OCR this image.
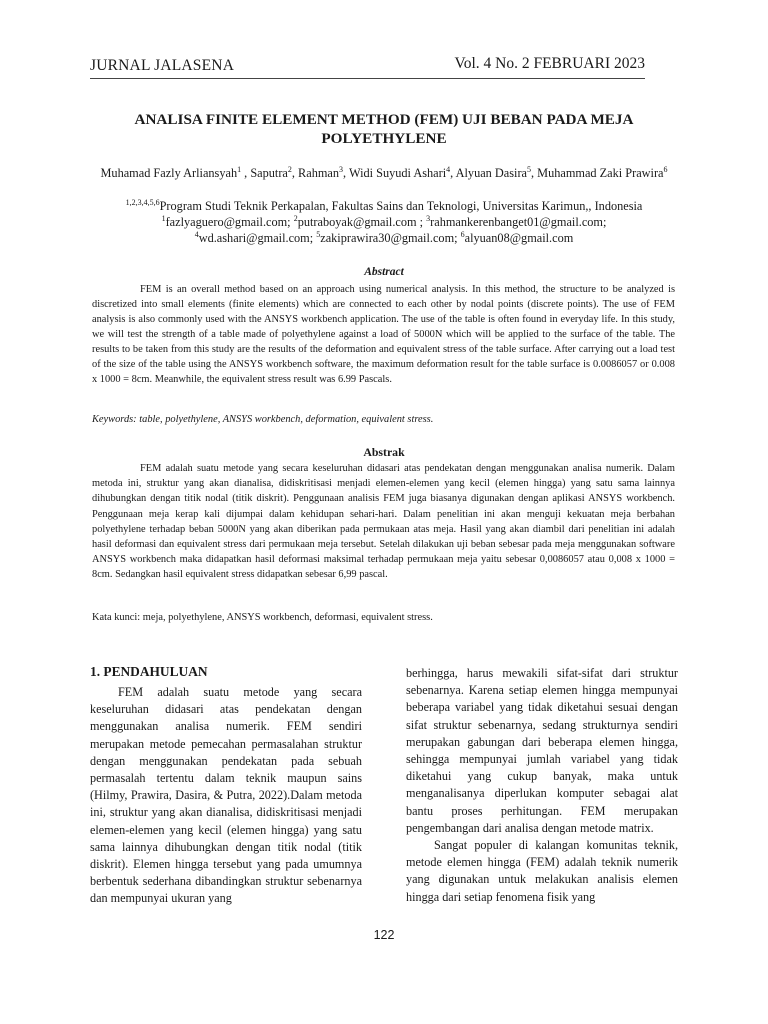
JURNAL JALASENA	Vol. 4 No. 2 FEBRUARI 2023
ANALISA FINITE ELEMENT METHOD (FEM) UJI BEBAN PADA MEJA POLYETHYLENE
Muhamad Fazly Arliansyah$^1$ , Saputra$^2$, Rahman$^3$, Widi Suyudi Ashari$^4$, Alyuan Dasira$^5$, Muhammad Zaki Prawira$^6$
$^{1,2,3,4,5,6}$Program Studi Teknik Perkapalan, Fakultas Sains dan Teknologi, Universitas Karimun,, Indonesia
$^1$fazlyaguero@gmail.com; $^2$putraboyak@gmail.com ; $^3$rahmankerenbanget01@gmail.com;
$^4$wd.ashari@gmail.com; $^5$zakiprawira30@gmail.com; $^6$alyuan08@gmail.com
Abstract
FEM is an overall method based on an approach using numerical analysis. In this method, the structure to be analyzed is discretized into small elements (finite elements) which are connected to each other by nodal points (discrete points). The use of FEM analysis is also commonly used with the ANSYS workbench application. The use of the table is often found in everyday life. In this study, we will test the strength of a table made of polyethylene against a load of 5000N which will be applied to the surface of the table. The results to be taken from this study are the results of the deformation and equivalent stress of the table surface. After carrying out a load test of the size of the table using the ANSYS workbench software, the maximum deformation result for the table surface is 0.0086057 or 0.008 x 1000 = 8cm. Meanwhile, the equivalent stress result was 6.99 Pascals.
Keywords: table, polyethylene, ANSYS workbench, deformation, equivalent stress.
Abstrak
FEM adalah suatu metode yang secara keseluruhan didasari atas pendekatan dengan menggunakan analisa numerik. Dalam metoda ini, struktur yang akan dianalisa, didiskritisasi menjadi elemen-elemen yang kecil (elemen hingga) yang satu sama lainnya dihubungkan dengan titik nodal (titik diskrit). Penggunaan analisis FEM juga biasanya digunakan dengan aplikasi ANSYS workbench. Penggunaan meja kerap kali dijumpai dalam kehidupan sehari-hari. Dalam penelitian ini akan menguji kekuatan meja berbahan polyethylene terhadap beban 5000N yang akan diberikan pada permukaan atas meja. Hasil yang akan diambil dari penelitian ini adalah hasil deformasi dan equivalent stress dari permukaan meja tersebut. Setelah dilakukan uji beban sebesar pada meja menggunakan software ANSYS workbench maka didapatkan hasil deformasi maksimal terhadap permukaan meja yaitu sebesar 0,0086057 atau 0,008 x 1000 = 8cm. Sedangkan hasil equivalent stress didapatkan sebesar 6,99 pascal.
Kata kunci: meja, polyethylene, ANSYS workbench, deformasi, equivalent stress.
1. PENDAHULUAN

FEM adalah suatu metode yang secara keseluruhan didasari atas pendekatan dengan menggunakan analisa numerik. FEM sendiri merupakan metode pemecahan permasalahan struktur dengan menggunakan pendekatan pada sebuah permasalah tertentu dalam teknik maupun sains (Hilmy, Prawira, Dasira, & Putra, 2022).Dalam metoda ini, struktur yang akan dianalisa, didiskritisasi menjadi elemen-elemen yang kecil (elemen hingga) yang satu sama lainnya dihubungkan dengan titik nodal (titik diskrit). Elemen hingga tersebut yang pada umumnya berbentuk sederhana dibandingkan struktur sebenarnya dan mempunyai ukuran yang

berhingga, harus mewakili sifat-sifat dari struktur sebenarnya. Karena setiap elemen hingga mempunyai beberapa variabel yang tidak diketahui sesuai dengan sifat struktur sebenarnya, sedang strukturnya sendiri merupakan gabungan dari beberapa elemen hingga, sehingga mempunyai jumlah variabel yang tidak diketahui yang cukup banyak, maka untuk menganalisanya diperlukan komputer sebagai alat bantu proses perhitungan. FEM merupakan pengembangan dari analisa dengan metode matrix.

Sangat populer di kalangan komunitas teknik, metode elemen hingga (FEM) adalah teknik numerik yang digunakan untuk melakukan analisis elemen hingga dari setiap fenomena fisik yang

122
